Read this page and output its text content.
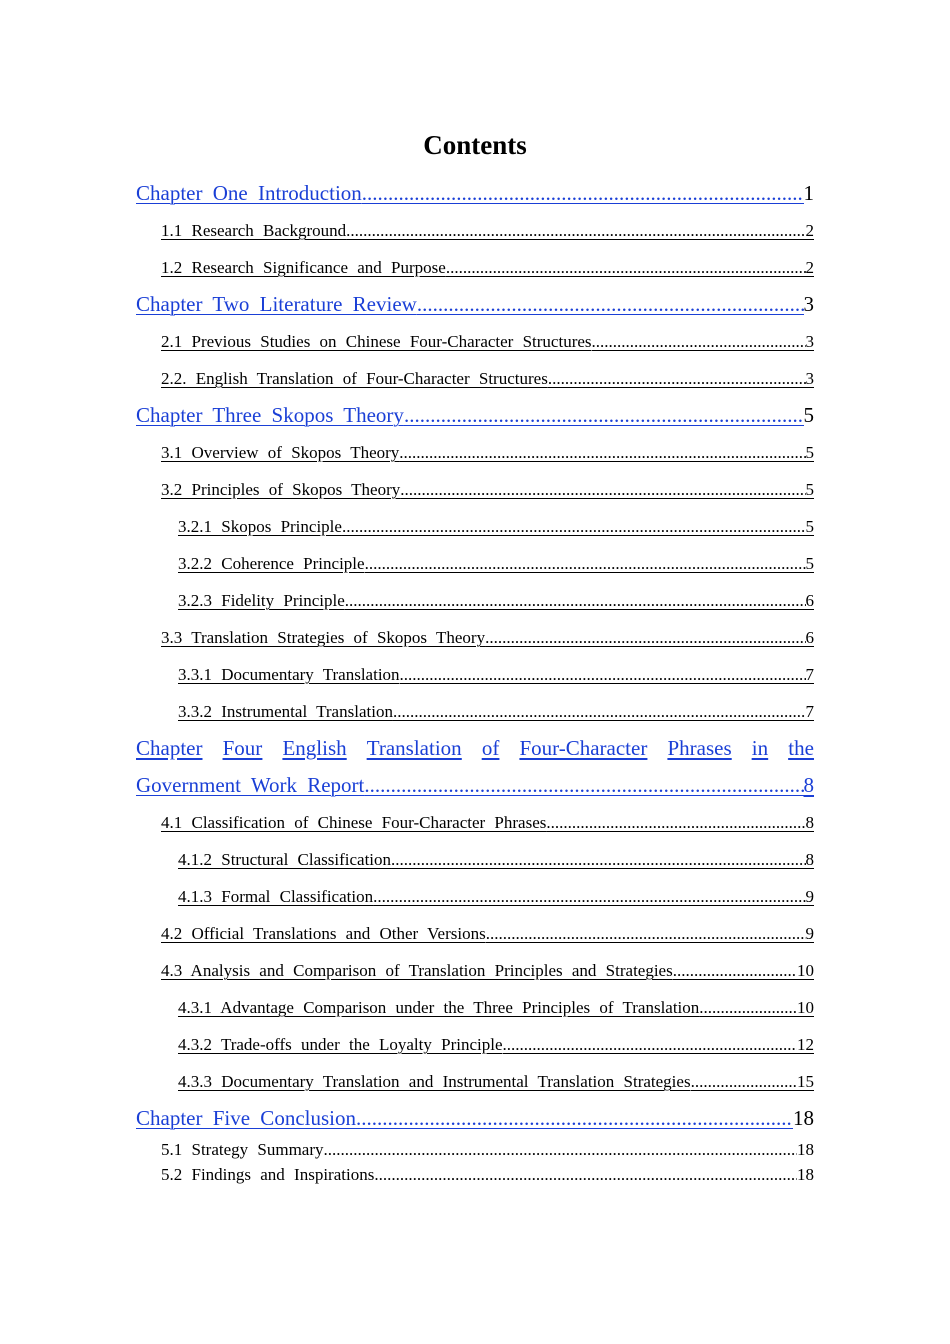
Contents
Chapter One Introduction .....	1
1.1 Research Background .....	2
1.2 Research Significance and Purpose .....	2
Chapter Two Literature Review .....	3
2.1 Previous Studies on Chinese Four-Character Structures .....	3
2.2. English Translation of Four-Character Structures .....	3
Chapter Three Skopos Theory .....	5
3.1 Overview of Skopos Theory .....	5
3.2 Principles of Skopos Theory .....	5
3.2.1 Skopos Principle .....	5
3.2.2 Coherence Principle .....	5
3.2.3 Fidelity Principle .....	6
3.3 Translation Strategies of Skopos Theory .....	6
3.3.1 Documentary Translation .....	7
3.3.2 Instrumental Translation .....	7
Chapter Four English Translation of Four-Character Phrases in the
Government Work Report .....	8
4.1 Classification of Chinese Four-Character Phrases .....	8
4.1.2 Structural Classification .....	8
4.1.3 Formal Classification .....	9
4.2 Official Translations and Other Versions .....	9
4.3 Analysis and Comparison of Translation Principles and Strategies .....	10
4.3.1 Advantage Comparison under the Three Principles of Translation .....	10
4.3.2 Trade-offs under the Loyalty Principle .....	12
4.3.3 Documentary Translation and Instrumental Translation Strategies .....	15
Chapter Five Conclusion .....	18
5.1 Strategy Summary .....	18
5.2 Findings and Inspirations .....	18
